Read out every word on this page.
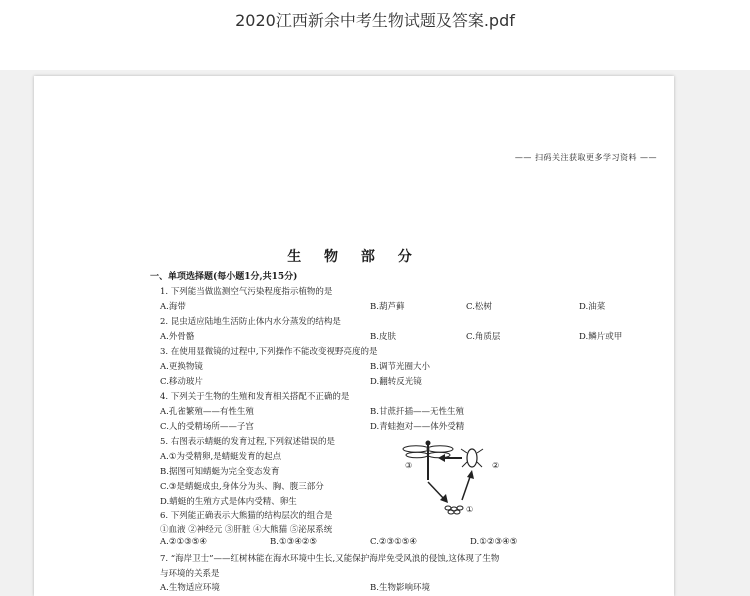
2020江西新余中考生物试题及答案.pdf
—— 扫码关注获取更多学习资料 ——
生 物 部 分
一、单项选择题(每小题1分,共15分)
1. 下列能当做监测空气污染程度指示植物的是
A.海带	B.葫芦藓	C.松树	D.油菜
2. 昆虫适应陆地生活防止体内水分蒸发的结构是
A.外骨骼	B.皮肤	C.角质层	D.鳞片或甲
3. 在使用显微镜的过程中,下列操作不能改变视野亮度的是
A.更换物镜	B.调节光圈大小
C.移动玻片	D.翻转反光镜
4. 下列关于生物的生殖和发育相关搭配不正确的是
A.孔雀繁殖——有性生殖	B.甘蔗扦插——无性生殖
C.人的受精场所——子宫	D.青蛙抱对——体外受精
5. 右图表示蜻蜓的发育过程,下列叙述错误的是
A.①为受精卵,是蜻蜓发育的起点
B.据图可知蜻蜓为完全变态发育
C.③是蜻蜓成虫,身体分为头、胸、腹三部分
D.蜻蜓的生殖方式是体内受精、卵生
③	②
①
6. 下列能正确表示大熊猫的结构层次的组合是
①血液 ②神经元 ③肝脏 ④大熊猫 ⑤泌尿系统
A.②①③⑤④	B.①③④②⑤	C.②③①⑤④	D.①②③④⑤
7. “海岸卫士”——红树林能在海水环境中生长,又能保护海岸免受风浪的侵蚀,这体现了生物
与环境的关系是
A.生物适应环境	B.生物影响环境
